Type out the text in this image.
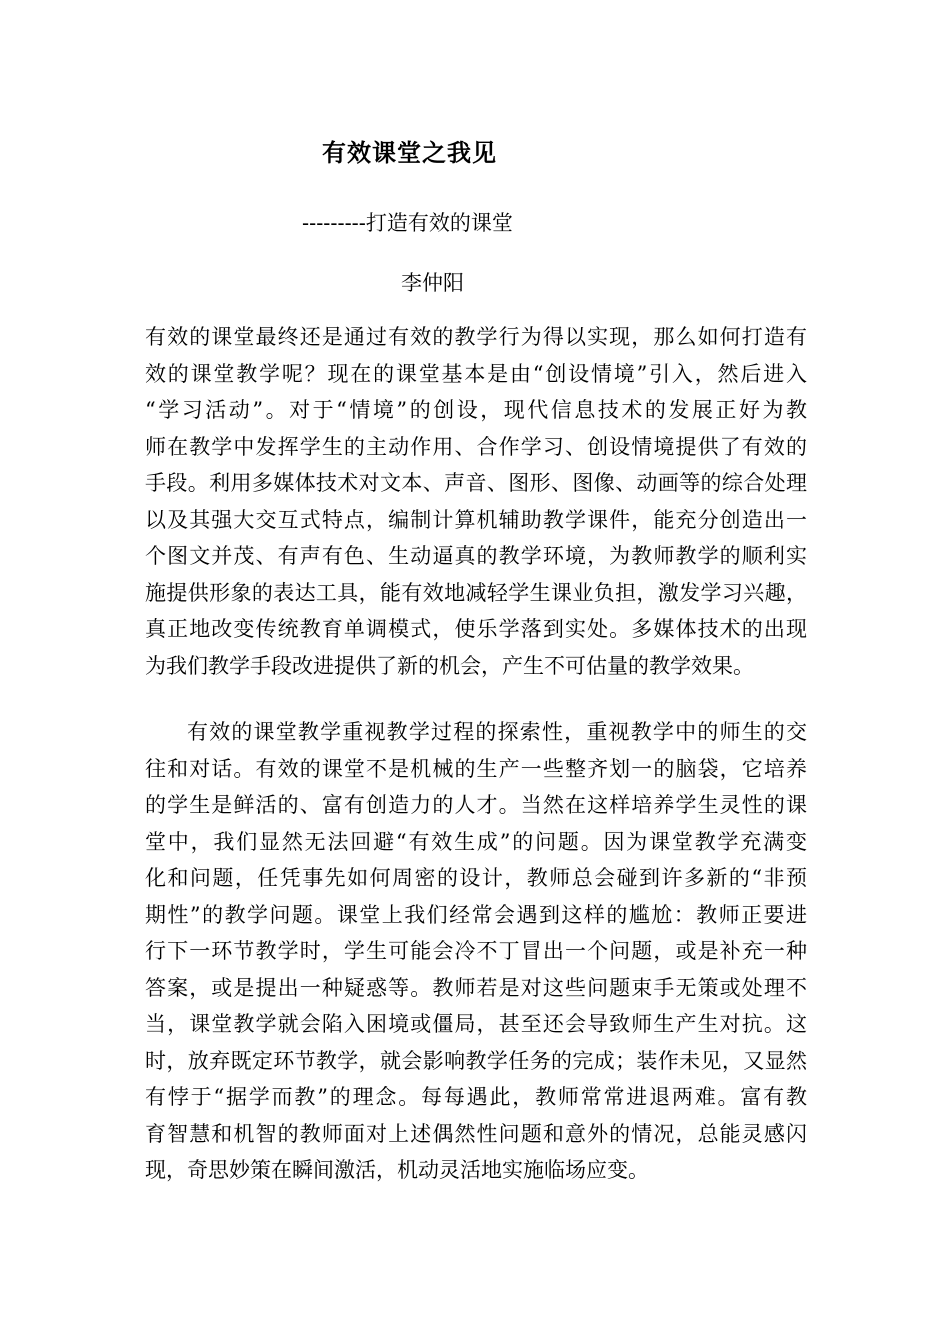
有效课堂之我见
---------打造有效的课堂
李仲阳
有效的课堂最终还是通过有效的教学行为得以实现，那么如何打造有
效的课堂教学呢？现在的课堂基本是由“创设情境”引入，然后进入
“学习活动”。对于“情境”的创设，现代信息技术的发展正好为教
师在教学中发挥学生的主动作用、合作学习、创设情境提供了有效的
手段。利用多媒体技术对文本、声音、图形、图像、动画等的综合处理
以及其强大交互式特点，编制计算机辅助教学课件，能充分创造出一
个图文并茂、有声有色、生动逼真的教学环境，为教师教学的顺利实
施提供形象的表达工具，能有效地减轻学生课业负担，激发学习兴趣，
真正地改变传统教育单调模式，使乐学落到实处。多媒体技术的出现
为我们教学手段改进提供了新的机会，产生不可估量的教学效果。
有效的课堂教学重视教学过程的探索性，重视教学中的师生的交
往和对话。有效的课堂不是机械的生产一些整齐划一的脑袋，它培养
的学生是鲜活的、富有创造力的人才。当然在这样培养学生灵性的课
堂中，我们显然无法回避“有效生成”的问题。因为课堂教学充满变
化和问题，任凭事先如何周密的设计，教师总会碰到许多新的“非预
期性”的教学问题。课堂上我们经常会遇到这样的尴尬：教师正要进
行下一环节教学时，学生可能会冷不丁冒出一个问题，或是补充一种
答案，或是提出一种疑惑等。教师若是对这些问题束手无策或处理不
当，课堂教学就会陷入困境或僵局，甚至还会导致师生产生对抗。这
时，放弃既定环节教学，就会影响教学任务的完成；装作未见，又显然
有悖于“据学而教”的理念。每每遇此，教师常常进退两难。富有教
育智慧和机智的教师面对上述偶然性问题和意外的情况，总能灵感闪
现，奇思妙策在瞬间激活，机动灵活地实施临场应变。
